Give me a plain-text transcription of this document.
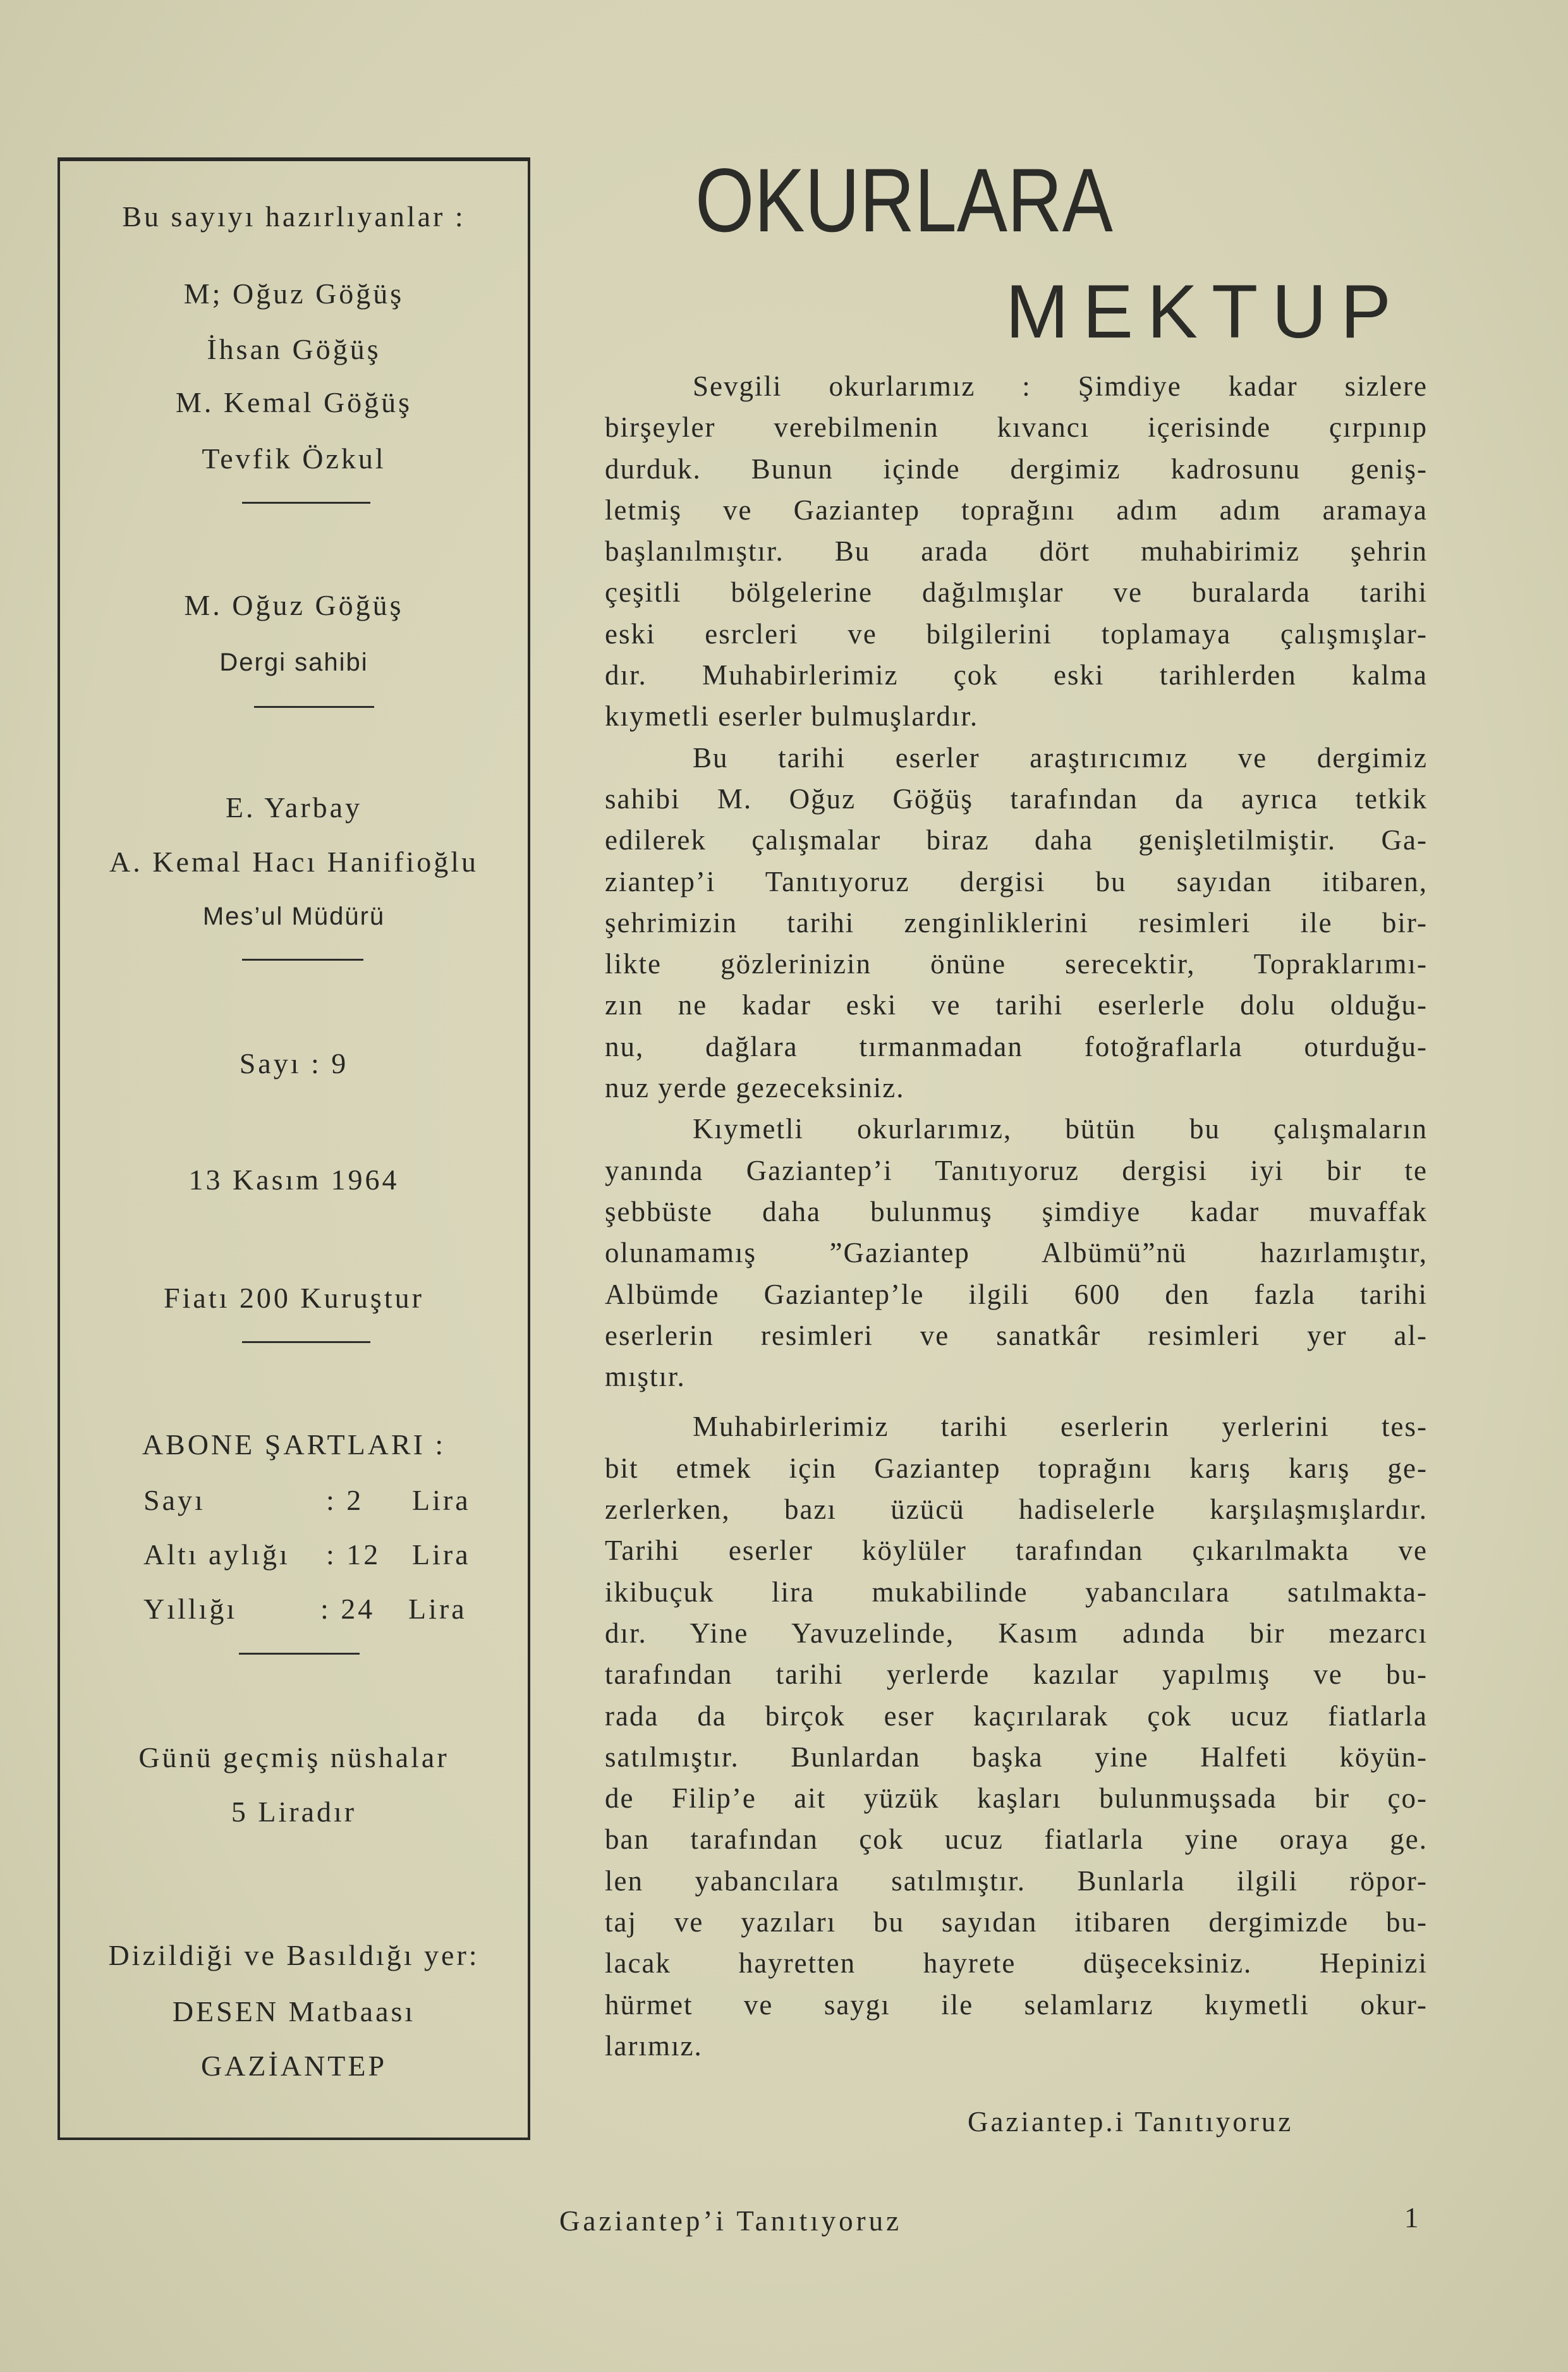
Bu sayıyı hazırlıyanlar :
M; Oğuz Göğüş
İhsan Göğüş
M. Kemal Göğüş
Tevfik Özkul
M. Oğuz Göğüş
Dergi sahibi
E. Yarbay
A. Kemal Hacı Hanifioğlu
Mes’ul Müdürü
Sayı : 9
13 Kasım 1964
Fiatı 200 Kuruştur
ABONE ŞARTLARI :
Sayı	: 2 Lira
Altı aylığı : 12 Lira
Yıllığı	: 24 Lira
Günü geçmiş nüshalar
5 Liradır
Dizildiği ve Basıldığı yer:
DESEN Matbaası
GAZİANTEP
OKURLARA
MEKTUP
Sevgili okurlarımız : Şimdiye kadar sizlere
birşeyler verebilmenin kıvancı içerisinde çırpınıp
durduk. Bunun içinde dergimiz kadrosunu geniş-
letmiş ve Gaziantep toprağını adım adım aramaya
başlanılmıştır. Bu arada dört muhabirimiz şehrin
çeşitli bölgelerine dağılmışlar ve buralarda tarihi
eski esrcleri ve bilgilerini toplamaya çalışmışlar-
dır. Muhabirlerimiz çok eski tarihlerden kalma
kıymetli eserler bulmuşlardır.
Bu tarihi eserler araştırıcımız ve dergimiz
sahibi M. Oğuz Göğüş tarafından da ayrıca tetkik
edilerek çalışmalar biraz daha genişletilmiştir. Ga-
ziantep’i Tanıtıyoruz dergisi bu sayıdan itibaren,
şehrimizin tarihi zenginliklerini resimleri ile bir-
likte gözlerinizin önüne serecektir, Topraklarımı-
zın ne kadar eski ve tarihi eserlerle dolu olduğu-
nu, dağlara tırmanmadan fotoğraflarla oturduğu-
nuz yerde gezeceksiniz.
Kıymetli okurlarımız, bütün bu çalışmaların
yanında Gaziantep’i Tanıtıyoruz dergisi iyi bir te
şebbüste daha bulunmuş şimdiye kadar muvaffak
olunamamış ”Gaziantep Albümü”nü hazırlamıştır,
Albümde Gaziantep’le ilgili 600 den fazla tarihi
eserlerin resimleri ve sanatkâr resimleri yer al-
mıştır.
Muhabirlerimiz tarihi eserlerin yerlerini tes-
bit etmek için Gaziantep toprağını karış karış ge-
zerlerken, bazı üzücü hadiselerle karşılaşmışlardır.
Tarihi eserler köylüler tarafından çıkarılmakta ve
ikibuçuk lira mukabilinde yabancılara satılmakta-
dır. Yine Yavuzelinde, Kasım adında bir mezarcı
tarafından tarihi yerlerde kazılar yapılmış ve bu-
rada da birçok eser kaçırılarak çok ucuz fiatlarla
satılmıştır. Bunlardan başka yine Halfeti köyün-
de Filip’e ait yüzük kaşları bulunmuşsada bir ço-
ban tarafından çok ucuz fiatlarla yine oraya ge.
len yabancılara satılmıştır. Bunlarla ilgili röpor-
taj ve yazıları bu sayıdan itibaren dergimizde bu-
lacak hayretten hayrete düşeceksiniz. Hepinizi
hürmet ve saygı ile selamlarız kıymetli okur-
larımız.
Gaziantep.i Tanıtıyoruz
Gaziantep’i Tanıtıyoruz	1
